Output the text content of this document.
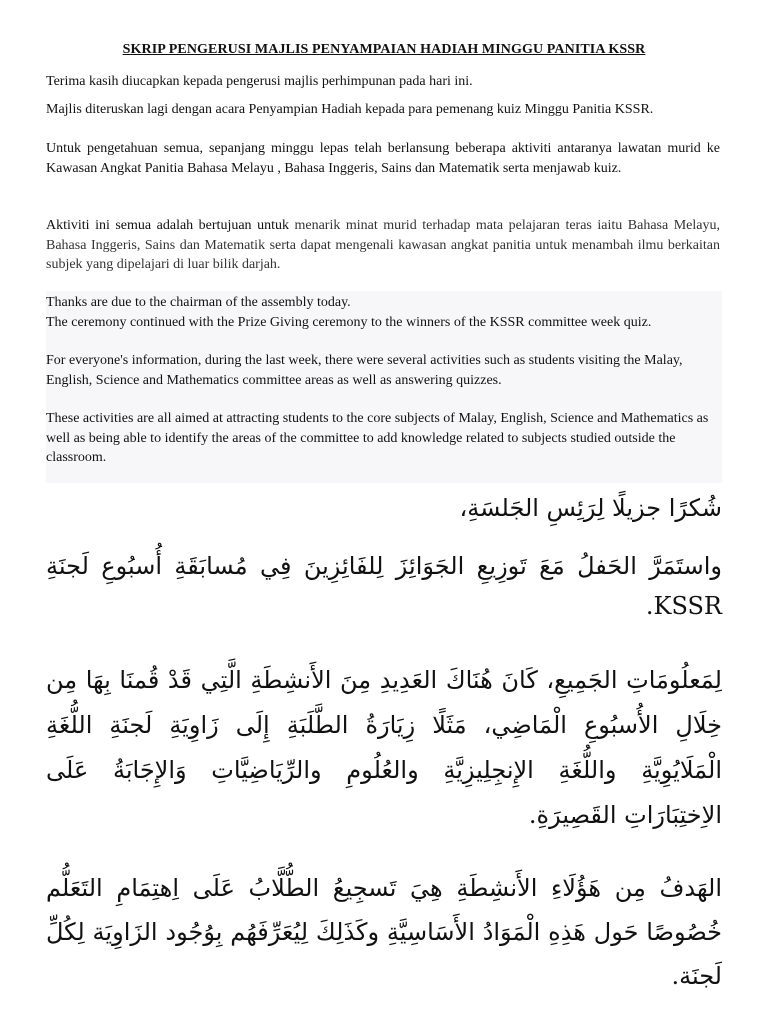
SKRIP PENGERUSI MAJLIS PENYAMPAIAN HADIAH MINGGU PANITIA KSSR

Terima kasih diucapkan kepada pengerusi majlis perhimpunan pada hari ini.

Majlis diteruskan lagi dengan acara Penyampian Hadiah kepada para pemenang kuiz Minggu Panitia KSSR.

Untuk pengetahuan semua, sepanjang minggu lepas telah berlansung beberapa aktiviti antaranya lawatan murid ke Kawasan Angkat Panitia Bahasa Melayu , Bahasa Inggeris, Sains dan Matematik serta menjawab kuiz.

Aktiviti ini semua adalah bertujuan untuk menarik minat murid terhadap mata pelajaran teras iaitu Bahasa Melayu, Bahasa Inggeris, Sains dan Matematik serta dapat mengenali kawasan angkat panitia untuk menambah ilmu berkaitan subjek yang dipelajari di luar bilik darjah.

Thanks are due to the chairman of the assembly today.

The ceremony continued with the Prize Giving ceremony to the winners of the KSSR committee week quiz.

For everyone's information, during the last week, there were several activities such as students visiting the Malay, English, Science and Mathematics committee areas as well as answering quizzes.

These activities are all aimed at attracting students to the core subjects of Malay, English, Science and Mathematics as well as being able to identify the areas of the committee to add knowledge related to subjects studied outside the classroom.

شُكرًا جزيلًا لِرَئِسِ الجَلسَةِ،

واستَمَرَّ الحَفلُ مَعَ تَوزِيعِ الجَوَائِزَ لِلفَائِزِينَ فِي مُسابَقَةِ أُسبُوعِ لَجنَةِ KSSR.

لِمَعلُومَاتِ الجَمِيعِ، كَانَ هُنَاكَ العَدِيدِ مِنَ الأَنشِطَةِ الَّتِي قَدْ قُمنَا بِهَا مِن خِلَالِ الأُسبُوعِ الْمَاضِي، مَثَلًا زِيَارَةُ الطَّلَبَةِ إِلَى زَاوِيَةِ لَجنَةِ اللُّغَةِ الْمَلَايُوِيَّةِ واللُّغَةِ الإِنجِلِيزِيَّةِ والعُلُومِ والرِّيَاضِيَّاتِ وَالإِجَابَةُ عَلَى الاِختِبَارَاتِ القَصِيرَةِ.

الهَدفُ مِن هَؤُلَاءِ الأَنشِطَةِ هِيَ تَسجِيعُ الطُّلَّابُ عَلَى اِهتِمَامِ التَعَلُّم خُصُوصًا حَول هَذِهِ الْمَوَادُ الأَسَاسِيَّةِ وكَذَلِكَ لِيُعَرِّفَهُم بِوُجُود الزَاوِيَة لِكُلِّ لَجنَة.
